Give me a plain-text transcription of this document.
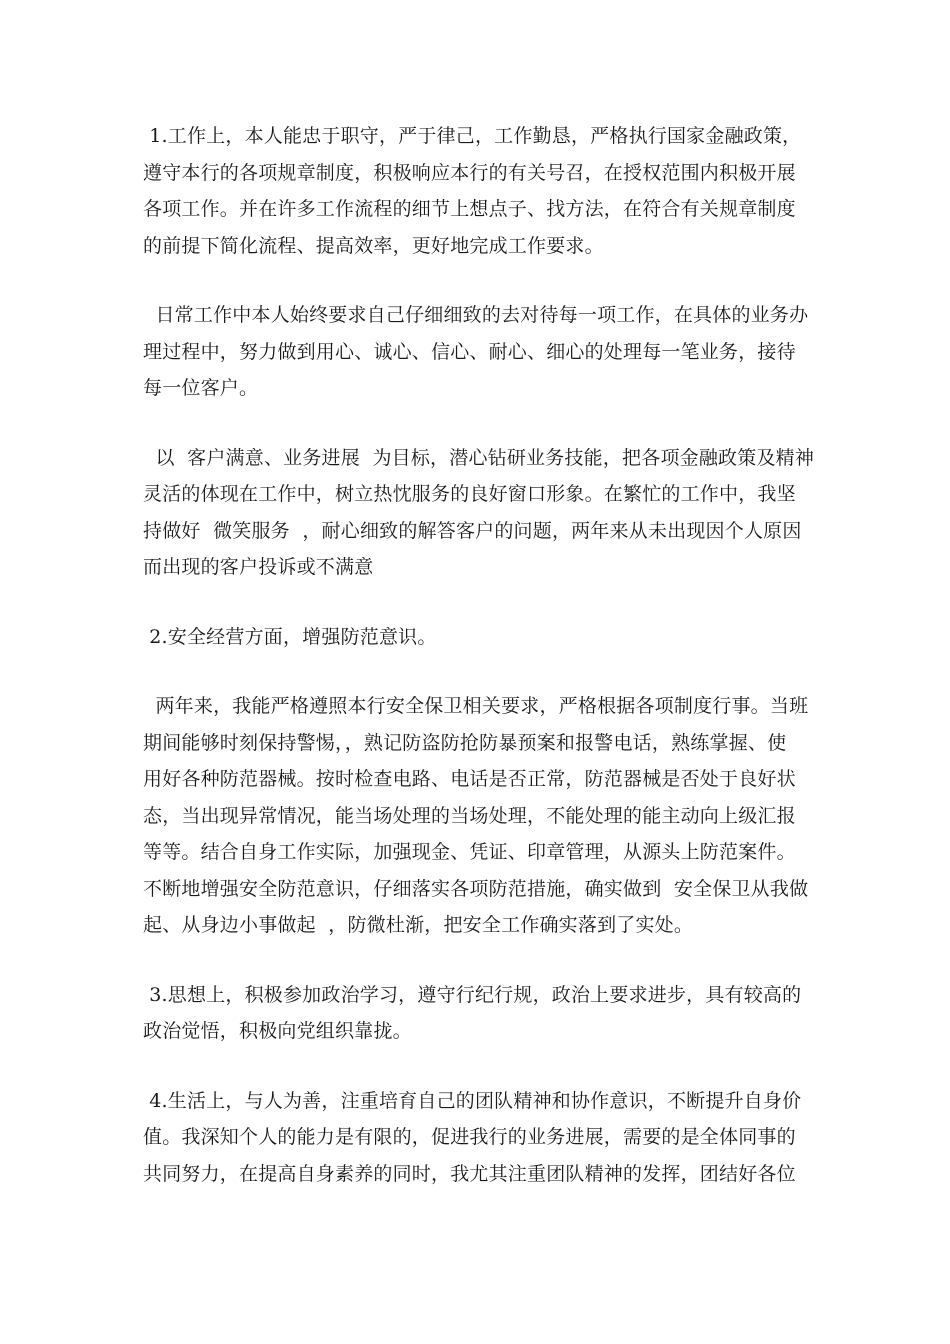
1.工作上，本人能忠于职守，严于律己，工作勤恳，严格执行国家金融政策，
遵守本行的各项规章制度，积极响应本行的有关号召，在授权范围内积极开展
各项工作。并在许多工作流程的细节上想点子、找方法，在符合有关规章制度
的前提下简化流程、提高效率，更好地完成工作要求。

日常工作中本人始终要求自己仔细细致的去对待每一项工作，在具体的业务办
理过程中，努力做到用心、诚心、信心、耐心、细心的处理每一笔业务，接待
每一位客户。

以  客户满意、业务进展  为目标，潜心钻研业务技能，把各项金融政策及精神
灵活的体现在工作中，树立热忱服务的良好窗口形象。在繁忙的工作中，我坚
持做好  微笑服务  ，耐心细致的解答客户的问题，两年来从未出现因个人原因
而出现的客户投诉或不满意

2.安全经营方面，增强防范意识。

两年来，我能严格遵照本行安全保卫相关要求，严格根据各项制度行事。当班
期间能够时刻保持警惕，，熟记防盗防抢防暴预案和报警电话，熟练掌握、使
用好各种防范器械。按时检查电路、电话是否正常，防范器械是否处于良好状
态，当出现异常情况，能当场处理的当场处理，不能处理的能主动向上级汇报
等等。结合自身工作实际，加强现金、凭证、印章管理，从源头上防范案件。
不断地增强安全防范意识，仔细落实各项防范措施，确实做到  安全保卫从我做
起、从身边小事做起  ，防微杜渐，把安全工作确实落到了实处。

3.思想上，积极参加政治学习，遵守行纪行规，政治上要求进步，具有较高的
政治觉悟，积极向党组织靠拢。

4.生活上，与人为善，注重培育自己的团队精神和协作意识，不断提升自身价
值。我深知个人的能力是有限的，促进我行的业务进展，需要的是全体同事的
共同努力，在提高自身素养的同时，我尤其注重团队精神的发挥，团结好各位
